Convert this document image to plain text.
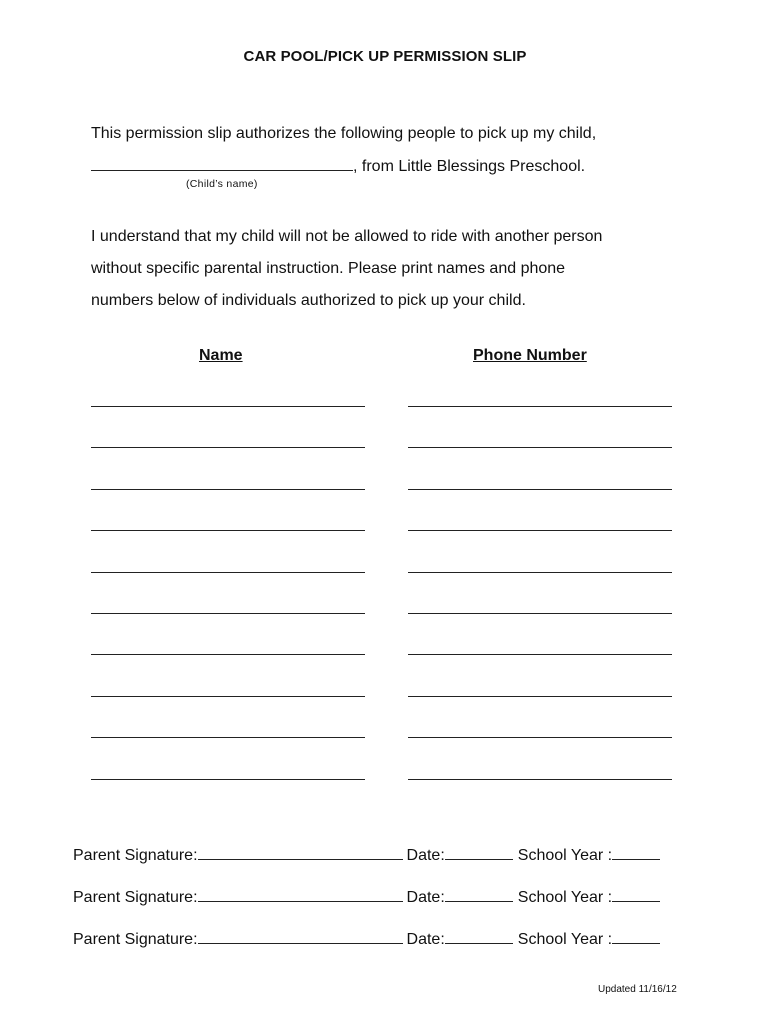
CAR POOL/PICK UP PERMISSION SLIP
This permission slip authorizes the following people to pick up my child,
, from Little Blessings Preschool.
(Child’s name)
I understand that my child will not be allowed to ride with another person
without specific parental instruction. Please print names and phone
numbers below of individuals authorized to pick up your child.
Name	Phone Number
Parent Signature:	Date:	School Year :
Parent Signature:	Date:	School Year :
Parent Signature:	Date:	School Year :
Updated 11/16/12
